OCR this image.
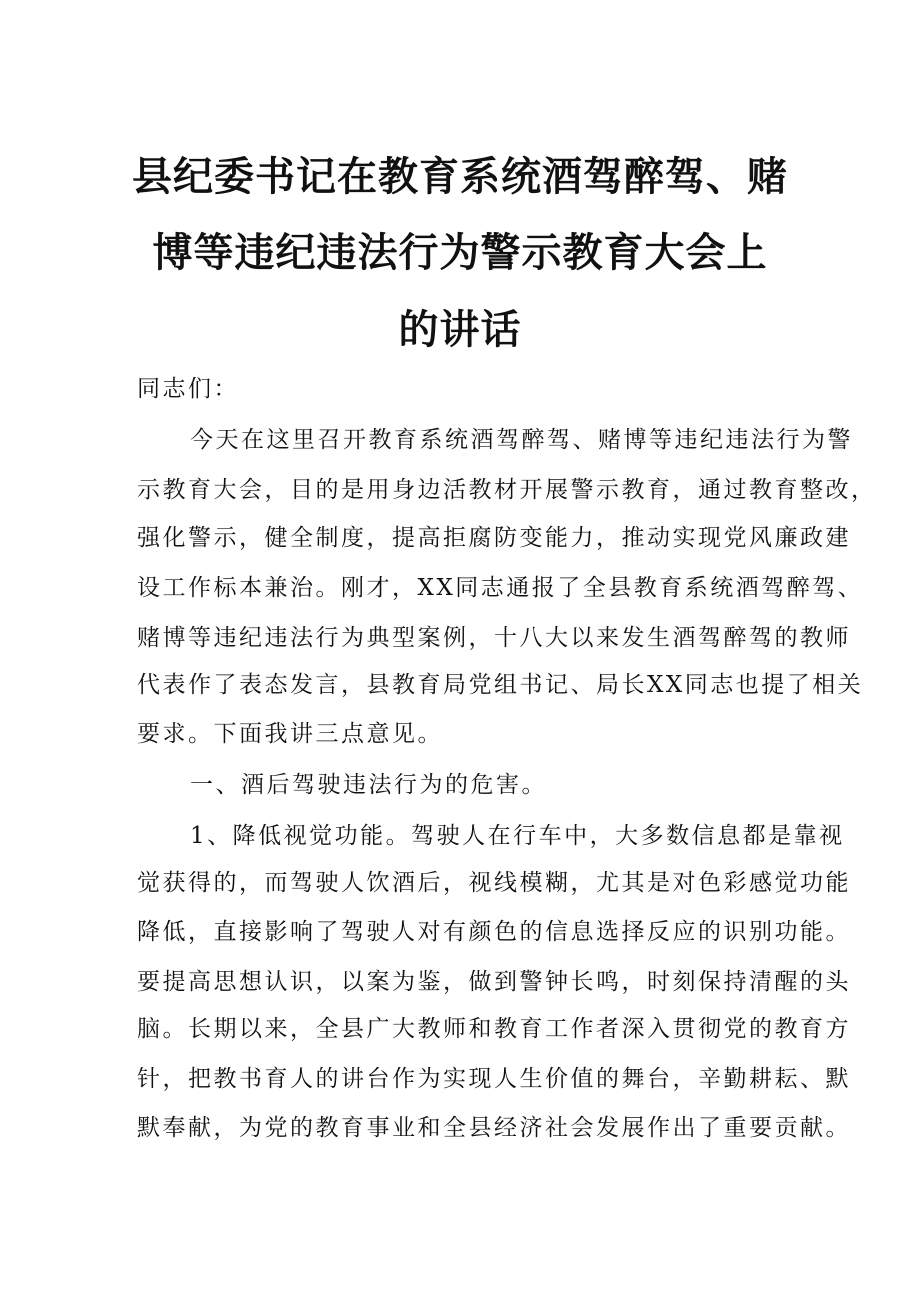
县纪委书记在教育系统酒驾醉驾、赌
博等违纪违法行为警示教育大会上
的讲话
同志们：
今天在这里召开教育系统酒驾醉驾、赌博等违纪违法行为警
示教育大会，目的是用身边活教材开展警示教育，通过教育整改，
强化警示，健全制度，提高拒腐防变能力，推动实现党风廉政建
设工作标本兼治。刚才，XX同志通报了全县教育系统酒驾醉驾、
赌博等违纪违法行为典型案例，十八大以来发生酒驾醉驾的教师
代表作了表态发言，县教育局党组书记、局长XX同志也提了相关
要求。下面我讲三点意见。
一、酒后驾驶违法行为的危害。
1、降低视觉功能。驾驶人在行车中，大多数信息都是靠视
觉获得的，而驾驶人饮酒后，视线模糊，尤其是对色彩感觉功能
降低，直接影响了驾驶人对有颜色的信息选择反应的识别功能。
要提高思想认识，以案为鉴，做到警钟长鸣，时刻保持清醒的头
脑。长期以来，全县广大教师和教育工作者深入贯彻党的教育方
针，把教书育人的讲台作为实现人生价值的舞台，辛勤耕耘、默
默奉献，为党的教育事业和全县经济社会发展作出了重要贡献。
